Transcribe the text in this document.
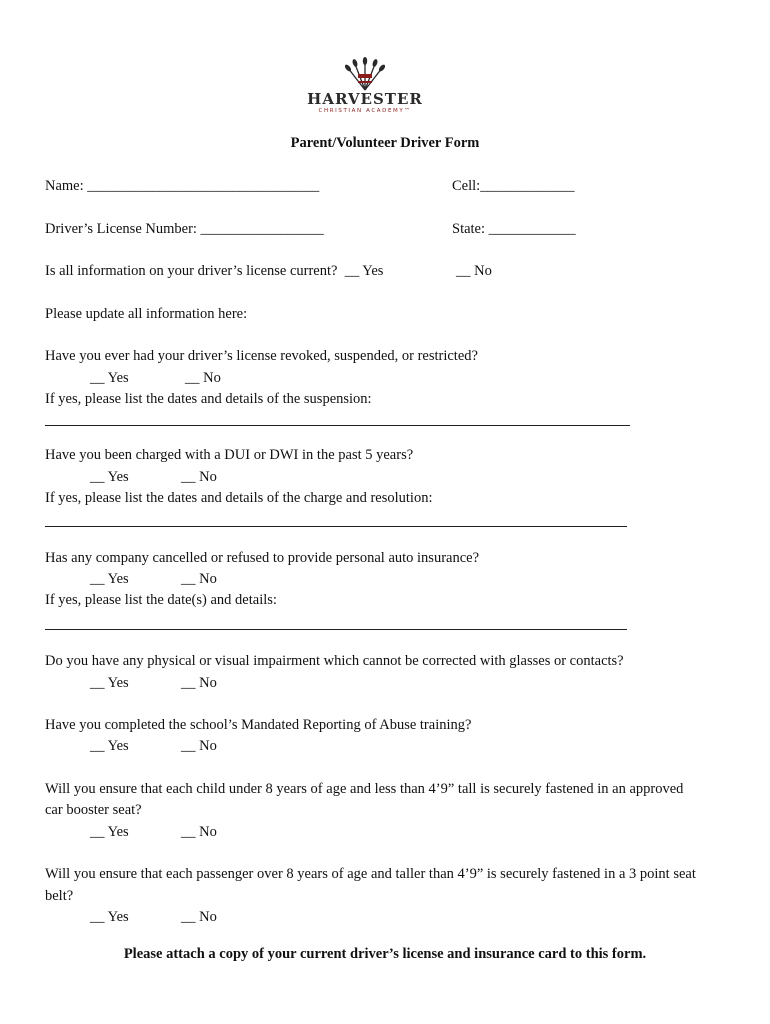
HARVESTER
CHRISTIAN ACADEMY™
Parent/Volunteer Driver Form
Name: ________________________________	Cell:_____________
Driver’s License Number: _________________	State: ____________
Is all information on your driver’s license current?  __ Yes	__ No
Please update all information here:
Have you ever had your driver’s license revoked, suspended, or restricted?
__ Yes	__ No
If yes, please list the dates and details of the suspension:
Have you been charged with a DUI or DWI in the past 5 years?
__ Yes	__ No
If yes, please list the dates and details of the charge and resolution:
Has any company cancelled or refused to provide personal auto insurance?
__ Yes	__ No
If yes, please list the date(s) and details:
Do you have any physical or visual impairment which cannot be corrected with glasses or contacts?
__ Yes	__ No
Have you completed the school’s Mandated Reporting of Abuse training?
__ Yes	__ No
Will you ensure that each child under 8 years of age and less than 4’9” tall is securely fastened in an approved
car booster seat?
__ Yes	__ No
Will you ensure that each passenger over 8 years of age and taller than 4’9” is securely fastened in a 3 point seat
belt?
__ Yes	__ No
Please attach a copy of your current driver’s license and insurance card to this form.
